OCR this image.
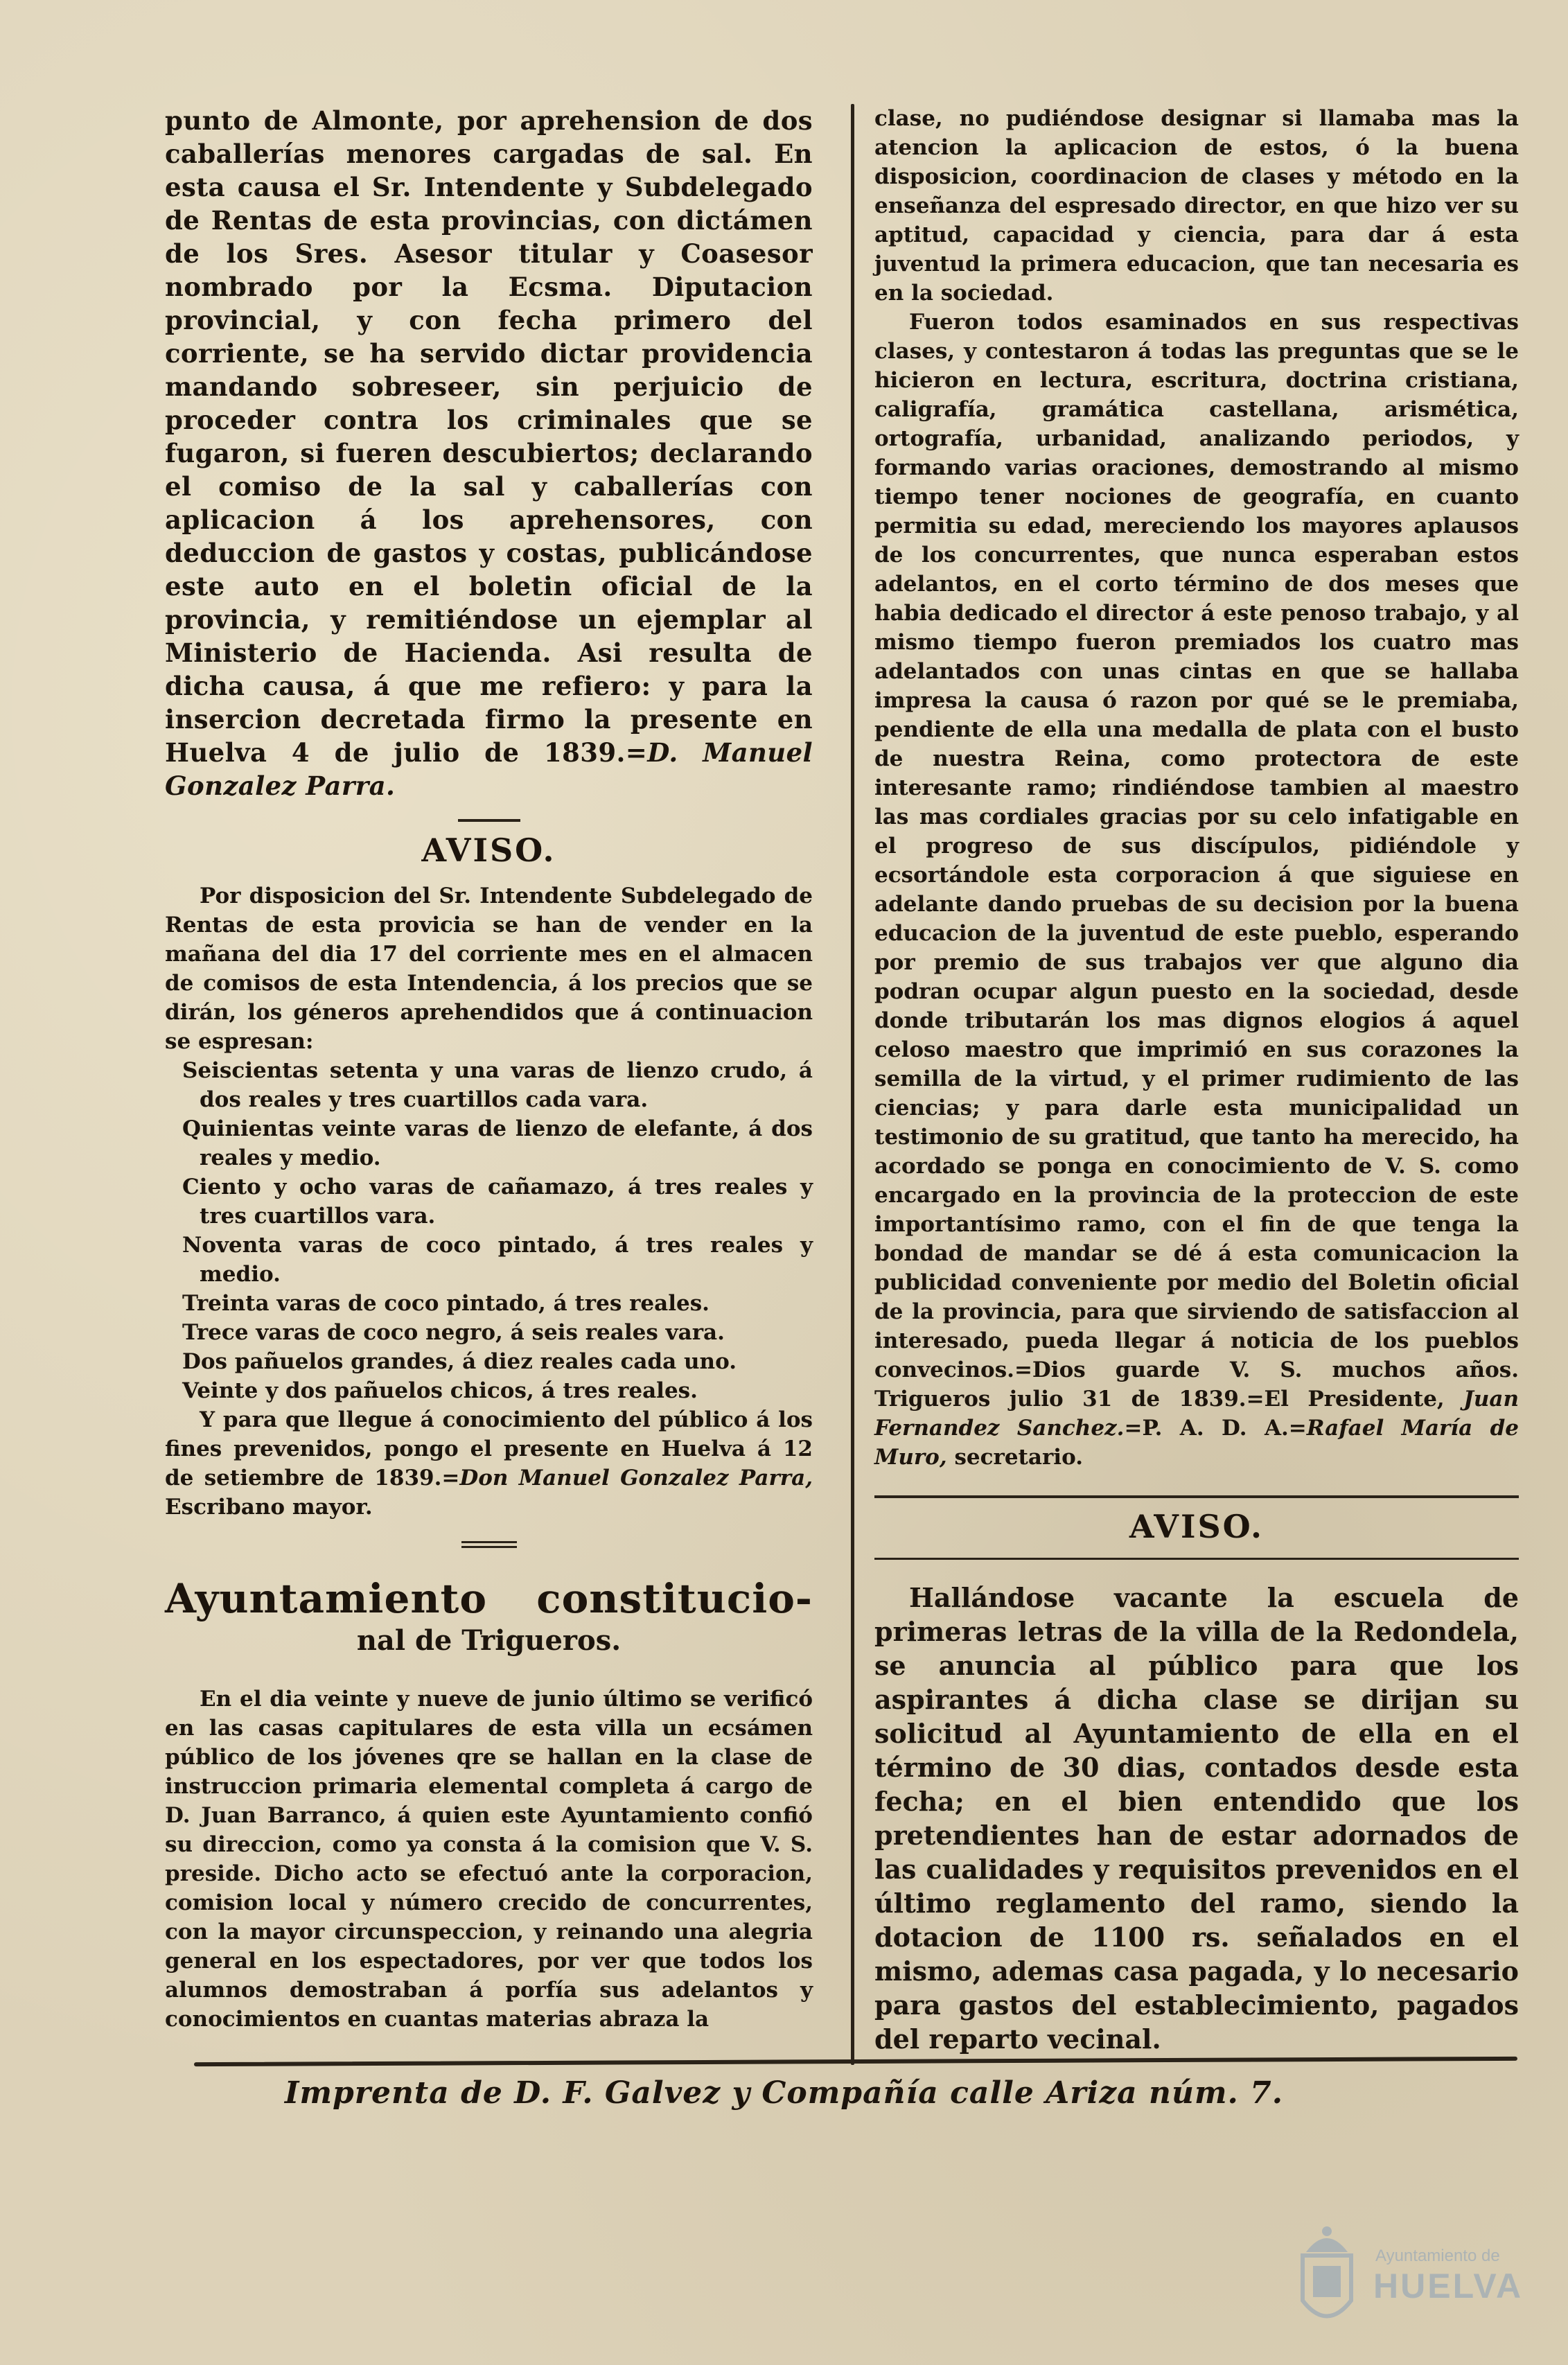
punto de Almonte, por aprehension de dos caballerías menores cargadas de sal. En esta causa el Sr. Intendente y Subdelegado de Rentas de esta provincias, con dictámen de los Sres. Asesor titular y Coasesor nombrado por la Ecsma. Diputacion provincial, y con fecha primero del corriente, se ha servido dictar providencia mandando sobreseer, sin perjuicio de proceder contra los criminales que se fugaron, si fueren descubiertos; declarando el comiso de la sal y caballerías con aplicacion á los aprehensores, con deduccion de gastos y costas, publicándose este auto en el boletin oficial de la provincia, y remitiéndose un ejemplar al Ministerio de Hacienda. Asi resulta de dicha causa, á que me refiero: y para la insercion decretada firmo la presente en Huelva 4 de julio de 1839.=D. Manuel Gonzalez Parra.

AVISO.

Por disposicion del Sr. Intendente Subdelegado de Rentas de esta provicia se han de vender en la mañana del dia 17 del corriente mes en el almacen de comisos de esta Intendencia, á los precios que se dirán, los géneros aprehendidos que á continuacion se espresan:

Seiscientas setenta y una varas de lienzo crudo, á dos reales y tres cuartillos cada vara.

Quinientas veinte varas de lienzo de elefante, á dos reales y medio.

Ciento y ocho varas de cañamazo, á tres reales y tres cuartillos vara.

Noventa varas de coco pintado, á tres reales y medio.

Treinta varas de coco pintado, á tres reales.

Trece varas de coco negro, á seis reales vara.

Dos pañuelos grandes, á diez reales cada uno.

Veinte y dos pañuelos chicos, á tres reales.

Y para que llegue á conocimiento del público á los fines prevenidos, pongo el presente en Huelva á 12 de setiembre de 1839.=Don Manuel Gonzalez Parra, Escribano mayor.

Ayuntamiento constitucio-
nal de Trigueros.

En el dia veinte y nueve de junio último se verificó en las casas capitulares de esta villa un ecsámen público de los jóvenes qre se hallan en la clase de instruccion primaria elemental completa á cargo de D. Juan Barranco, á quien este Ayuntamiento confió su direccion, como ya consta á la comision que V. S. preside. Dicho acto se efectuó ante la corporacion, comision local y número crecido de concurrentes, con la mayor circunspeccion, y reinando una alegria general en los espectadores, por ver que todos los alumnos demostraban á porfía sus adelantos y conocimientos en cuantas materias abraza la

clase, no pudiéndose designar si llamaba mas la atencion la aplicacion de estos, ó la buena disposicion, coordinacion de clases y método en la enseñanza del espresado director, en que hizo ver su aptitud, capacidad y ciencia, para dar á esta juventud la primera educacion, que tan necesaria es en la sociedad.

Fueron todos esaminados en sus respectivas clases, y contestaron á todas las preguntas que se le hicieron en lectura, escritura, doctrina cristiana, caligrafía, gramática castellana, arismética, ortografía, urbanidad, analizando periodos, y formando varias oraciones, demostrando al mismo tiempo tener nociones de geografía, en cuanto permitia su edad, mereciendo los mayores aplausos de los concurrentes, que nunca esperaban estos adelantos, en el corto término de dos meses que habia dedicado el director á este penoso trabajo, y al mismo tiempo fueron premiados los cuatro mas adelantados con unas cintas en que se hallaba impresa la causa ó razon por qué se le premiaba, pendiente de ella una medalla de plata con el busto de nuestra Reina, como protectora de este interesante ramo; rindiéndose tambien al maestro las mas cordiales gracias por su celo infatigable en el progreso de sus discípulos, pidiéndole y ecsortándole esta corporacion á que siguiese en adelante dando pruebas de su decision por la buena educacion de la juventud de este pueblo, esperando por premio de sus trabajos ver que alguno dia podran ocupar algun puesto en la sociedad, desde donde tributarán los mas dignos elogios á aquel celoso maestro que imprimió en sus corazones la semilla de la virtud, y el primer rudimiento de las ciencias; y para darle esta municipalidad un testimonio de su gratitud, que tanto ha merecido, ha acordado se ponga en conocimiento de V. S. como encargado en la provincia de la proteccion de este importantísimo ramo, con el fin de que tenga la bondad de mandar se dé á esta comunicacion la publicidad conveniente por medio del Boletin oficial de la provincia, para que sirviendo de satisfaccion al interesado, pueda llegar á noticia de los pueblos convecinos.=Dios guarde V. S. muchos años. Trigueros julio 31 de 1839.=El Presidente, Juan Fernandez Sanchez.=P. A. D. A.=Rafael María de Muro, secretario.

AVISO.

Hallándose vacante la escuela de primeras letras de la villa de la Redondela, se anuncia al público para que los aspirantes á dicha clase se dirijan su solicitud al Ayuntamiento de ella en el término de 30 dias, contados desde esta fecha; en el bien entendido que los pretendientes han de estar adornados de las cualidades y requisitos prevenidos en el último reglamento del ramo, siendo la dotacion de 1100 rs. señalados en el mismo, ademas casa pagada, y lo necesario para gastos del establecimiento, pagados del reparto vecinal.

Imprenta de D. F. Galvez y Compañía calle Ariza núm. 7.
Ayuntamiento de
HUELVA
